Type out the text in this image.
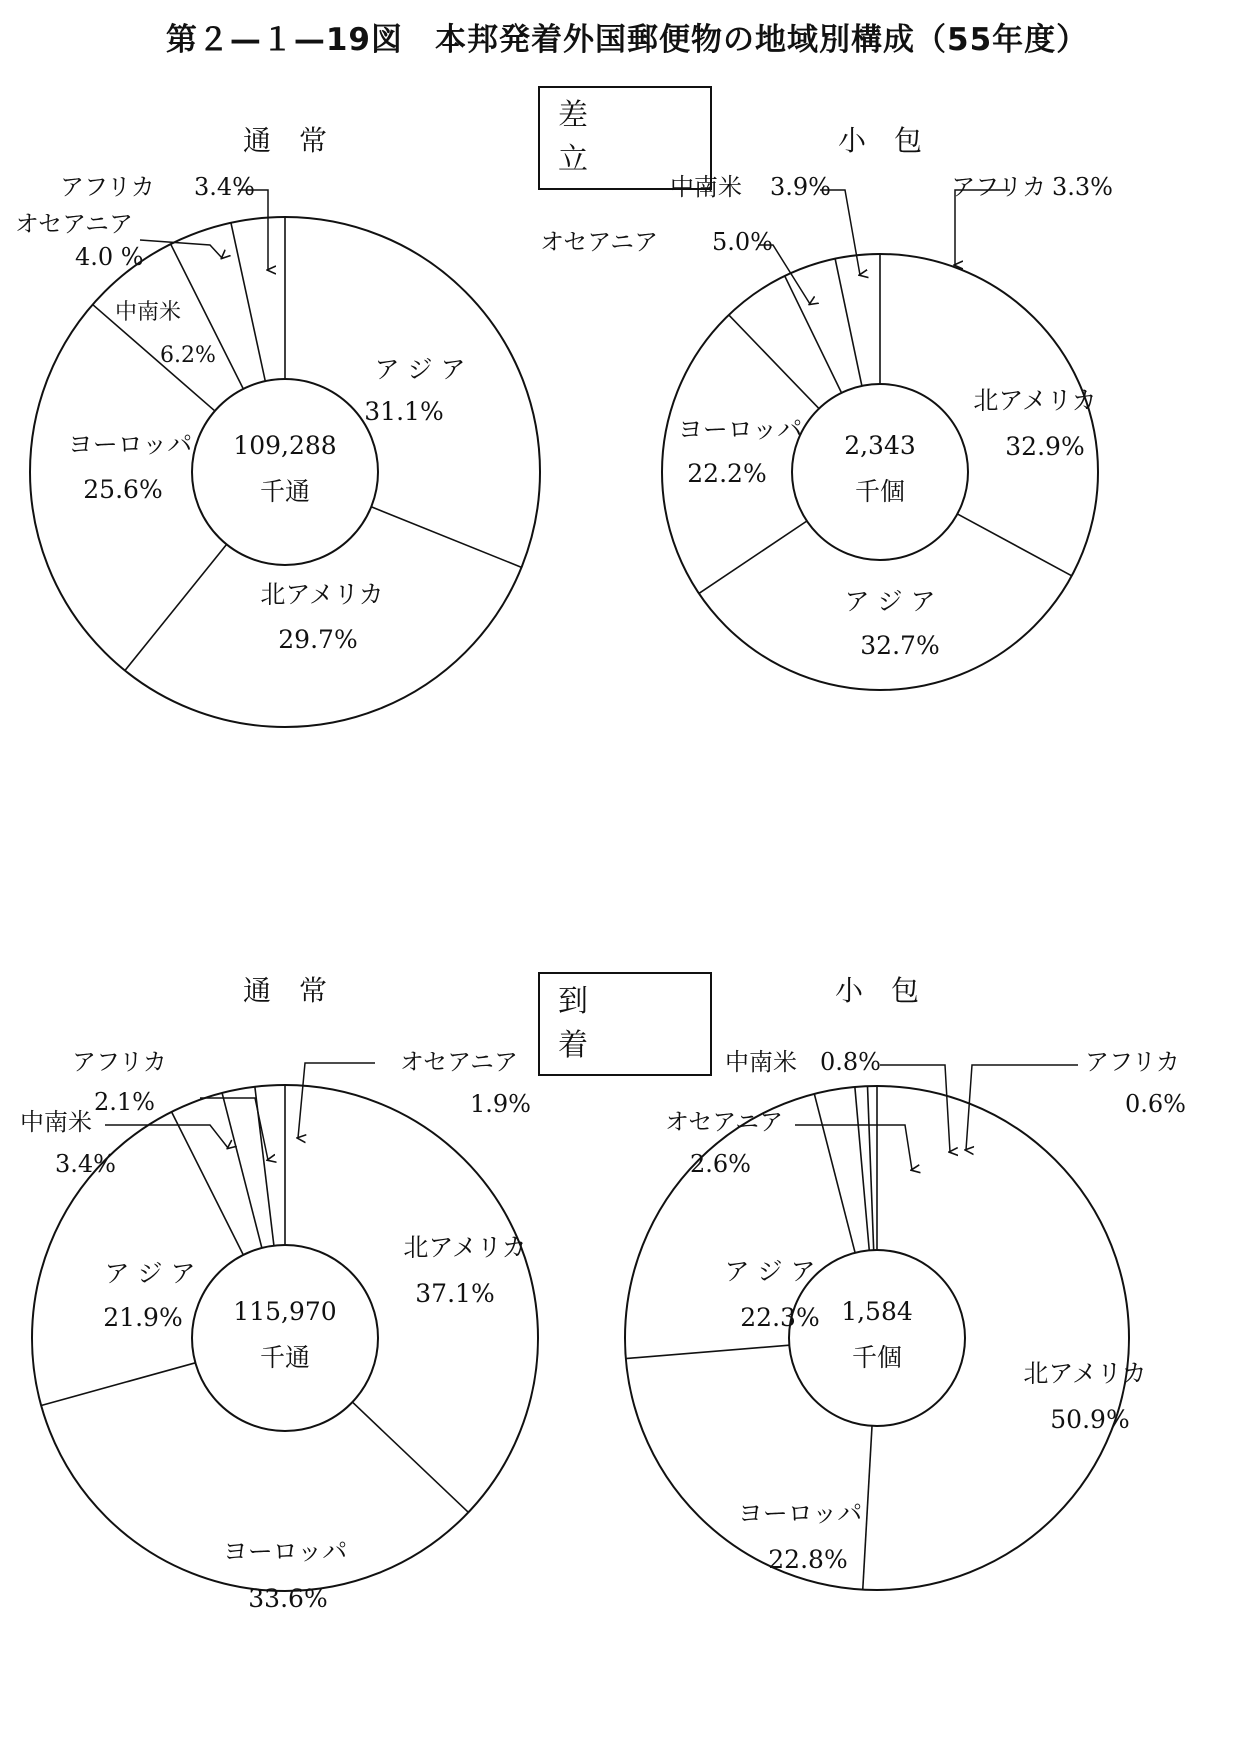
第２—１—19図　本邦発着外国郵便物の地域別構成（55年度）
差　立
到　着
通　常
109,288
千通
ア ジ ア
31.1%
北アメリカ
29.7%
ヨーロッパ
25.6%
中南米
6.2%
オセアニア
4.0 %
アフリカ 3.4%
小　包
2,343
千個
北アメリカ
32.9%
ア ジ ア
32.7%
ヨーロッパ
22.2%
オセアニア 5.0%
中南米 3.9%	アフリカ 3.3%
通　常
115,970
千通
北アメリカ
37.1%
ヨーロッパ
33.6%
ア ジ ア
21.9%
中南米
3.4%
アフリカ
2.1%
オセアニア
1.9%
小　包
1,584
千個
北アメリカ
50.9%
ヨーロッパ
22.8%
ア ジ ア
22.3%
オセアニア
2.6%
中南米 0.8%	アフリカ
0.6%
